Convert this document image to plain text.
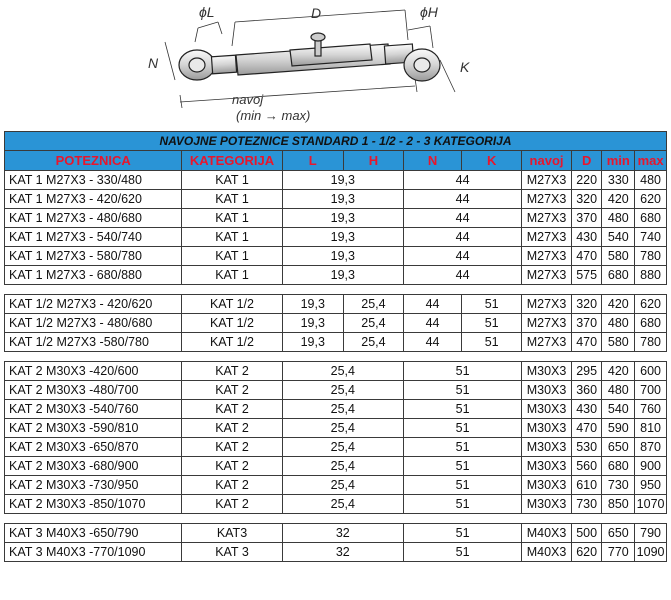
ϕL	D	ϕH
N	K
navoj
(min → max)
NAVOJNE POTEZNICE STANDARD 1 - 1/2 - 2 - 3 KATEGORIJA									
POTEZNICA	KATEGORIJA	L	H	N	K	navoj	D	min	max
KAT 1 M27X3 - 330/480	KAT 1	19,3		44		M27X3	220	330	480
KAT 1 M27X3 - 420/620	KAT 1	19,3		44		M27X3	320	420	620
KAT 1 M27X3 - 480/680	KAT 1	19,3		44		M27X3	370	480	680
KAT 1 M27X3 - 540/740	KAT 1	19,3		44		M27X3	430	540	740
KAT 1 M27X3 - 580/780	KAT 1	19,3		44		M27X3	470	580	780
KAT 1 M27X3 - 680/880	KAT 1	19,3		44		M27X3	575	680	880

KAT 1/2 M27X3 - 420/620	KAT 1/2	19,3	25,4	44	51	M27X3	320	420	620
KAT 1/2 M27X3 - 480/680	KAT 1/2	19,3	25,4	44	51	M27X3	370	480	680
KAT 1/2 M27X3 -580/780	KAT 1/2	19,3	25,4	44	51	M27X3	470	580	780

KAT 2 M30X3 -420/600	KAT 2	25,4		51		M30X3	295	420	600
KAT 2 M30X3 -480/700	KAT 2	25,4		51		M30X3	360	480	700
KAT 2 M30X3 -540/760	KAT 2	25,4		51		M30X3	430	540	760
KAT 2 M30X3 -590/810	KAT 2	25,4		51		M30X3	470	590	810
KAT 2 M30X3 -650/870	KAT 2	25,4		51		M30X3	530	650	870
KAT 2 M30X3 -680/900	KAT 2	25,4		51		M30X3	560	680	900
KAT 2 M30X3 -730/950	KAT 2	25,4		51		M30X3	610	730	950
KAT 2 M30X3 -850/1070	KAT 2	25,4		51		M30X3	730	850	1070

KAT 3 M40X3 -650/790	KAT3	32		51		M40X3	500	650	790
KAT 3 M40X3 -770/1090	KAT 3	32		51		M40X3	620	770	1090
